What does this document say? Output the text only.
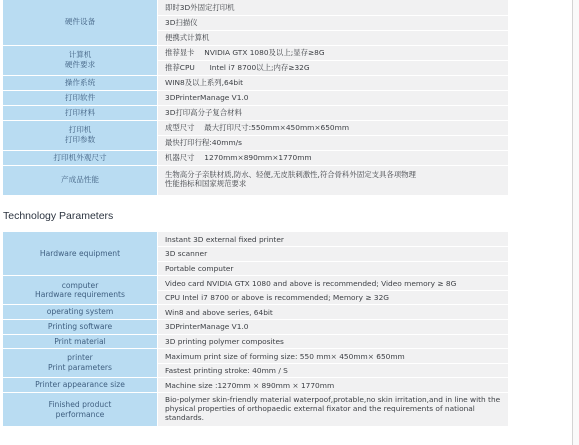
硬件设备	即时3D外固定打印机
	3D扫描仪
	便携式计算机
计算机
硬件要求	推荐显卡　 NVIDIA GTX 1080及以上;显存≥8G
	推荐CPU　　Intel i7 8700以上;内存≥32G
操作系统	WIN8及以上系列,64bit
打印软件	3DPrinterManage V1.0
打印材料	3D打印高分子复合材料
打印机
打印参数	成型尺寸　 最大打印尺寸:550mm×450mm×650mm
	最快打印行程:40mm/s
打印机外观尺寸	机器尺寸　 1270mm×890mm×1770mm
产成品性能	生物高分子亲肤材质,防水、轻便,无皮肤刺激性,符合骨科外固定支具各项物理
性能指标和国家规范要求
Technology Parameters
Hardware equipment	Instant 3D external fixed printer
	3D scanner
	Portable computer
computer
Hardware requirements	Video card NVIDIA GTX 1080 and above is recommended; Video memory ≥ 8G
	CPU Intel i7 8700 or above is recommended; Memory ≥ 32G
operating system	Win8 and above series, 64bit
Printing software	3DPrinterManage V1.0
Print material	3D printing polymer composites
printer
Print parameters	Maximum print size of forming size: 550 mm× 450mm× 650mm
	Fastest printing stroke: 40mm / S
Printer appearance size	Machine size :1270mm × 890mm × 1770mm
Finished product
performance	Bio-polymer skin-friendly material waterpoof,protable,no skin irritation,and in line with the physical properties of orthopaedic external fixator and the requirements of national standards.
